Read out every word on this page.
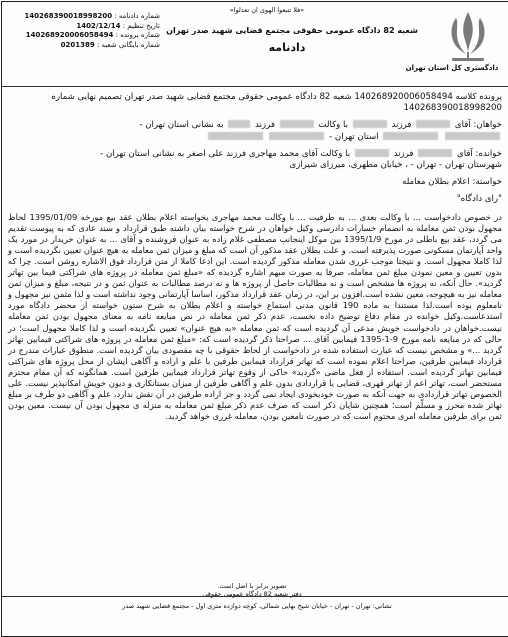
«فلا تتبعوا الهوى ان تعدلوا»
شماره دادنامه : 140268390018998200
تاریخ تنظیم : 1402/12/14
شماره پرونده : 140268920006058494
شماره بایگانی شعبه : 0201389
شعبه 82 دادگاه عمومی حقوقی مجتمع قضایی شهید صدر تهران
دادنامه
دادگستری کل استان تهران

پرونده کلاسه 140268920006058494 شعبه 82 دادگاه عمومی حقوقی مجتمع قضایی شهید صدر تهران تصمیم نهایی شماره 140268390018998200

خواهان: آقای  فرزند  با وکالت  فرزند  به نشانی استان تهران -
استان تهران -

خوانده: آقای  فرزند  با وکالت آقای محمد مهاجری فرزند علی اصغر به نشانی استان تهران -
شهرستان تهران - تهران - ، خیابان مطهری، میرزای شیرازی

خواسته: اعلام بطلان معامله

"رای دادگاه"

در خصوص دادخواست ... با وکالت بعدی ... به طرفیت ... با وکالت محمد مهاجری بخواسته اعلام بطلان عقد بیع مورخه 1395/01/09 لحاظ مجهول بودن ثمن معامله به انضمام خسارات دادرسی وکیل خواهان در شرح خواسته بیان داشته طبق قرارداد و سند عادی که به پیوست تقدیم می گردد، عقد بیع باطلی در مورخ 1395/1/9 بین موکل اینجانب مصطفی غلام زاده به عنوان فروشنده و آقای ... به عنوان خریدار در مورد یک واحد آپارتمان مسکونی صورت پذیرفته است. و علت بطلان عقد مذکور آن است که مبلغ و میزان ثمن معامله به هیچ عنوان تعیین نگردیده است و لذا کاملا مجهول است. و نتیجتا موجب غرری شدن معامله مذکور گردیده است. این ادعا کاملا از متن قرارداد فوق الاشاره روشن است. چرا که بدون تعیین و معین نمودن مبلغ ثمن معامله، صرفا به صورت مبهم اشاره گردیده که «مبلغ ثمن معامله در پروژه های شراکتی فیما بین تهاتر گردید». حال آنکه، نه پروژه ها مشخص است و نه مطالبات حاصل از پروژه ها و نه درصد مطالبات به عنوان ثمن و در نتیجه، مبلغ و میزان ثمن معامله نیز به هیچوجه، معین نشده است.افزون بر این، در زمان عقد قرارداد مذکور، اساسا آپارتمانی وجود نداشته است و لذا مثمن نیز مجهول و نامعلوم بوده است.لذا مستندا به ماده 190 قانون مدنی استماع خواسته و اعلام بطلان به شرح ستون خواسته از محضر دادگاه مورد استدعاست.وکیل خوانده در مقام دفاع توضیح داده نخست، عدم ذکر ثمن معامله در نص مبایعه نامه به معنای مجهول بودن ثمن معامله نیست.خواهان در دادخواست خویش مدعی آن گردیده است که ثمن معامله «به هیچ عنوان» تعیین نگردیده است و لذا کاملا مجهول است؛ در حالی که در مبایعه نامه مورخ 9-1-1395 فیمابین آقای ... صراحتا ذکر گردیده است که: «مبلغ ثمن معامله در پروژه های شراکتی فیمابین تهاتر گردید ...» و مشخص نیست که عبارت استفاده شده در دادخواست از لحاظ حقوقی با چه مقصودی بیان گردیده است. منطوق عبارات مندرج در قرارداد فیمابین طرفین، صراحتا اعلام نموده است که تهاتر قرارداد فیمابین طرفین با علم و اراده و آگاهی ایشان از محل پروژه های شراکتی فیمابین تهاتر گردیده است. استفاده از فعل ماضی «گردید» حاکی از وقوع تهاتر قرارداد فیمابین طرفین است. همانگونه که آن مقام محترم مستحضر است، تهاتر اعم از تهاتر قهری، قضایی یا قراردادی بدون علم و آگاهی طرفین از میزان بستانکاری و دیون خویش امکانپذیر نیست. علی الخصوص تهاتر قراردادی به جهت آنکه به صورت خودبخودی ایجاد نمی گردد و جز اراده طرفین در آن نقش ندارد، علم و آگاهی دو طرف بر مبلغ تهاتر شده محرز و مسلّم است؛ همچنین شایان ذکر است که صرف عدم ذکر مبلغ ثمن معامله به منزله ی مجهول بودن آن نیست. معین بودن ثمن برای طرفین معامله امری محتوم است که در صورت نامعین بودن، معامله غرری خواهد گردید.

تصویر برابر با اصل است.
دفتر شعبه 82 دادگاه عمومی حقوقی
نشانی: تهران - تهران - خیابان شیخ بهایی شمالی، کوچه دوازده متری اول - مجتمع قضایی شهید صدر
